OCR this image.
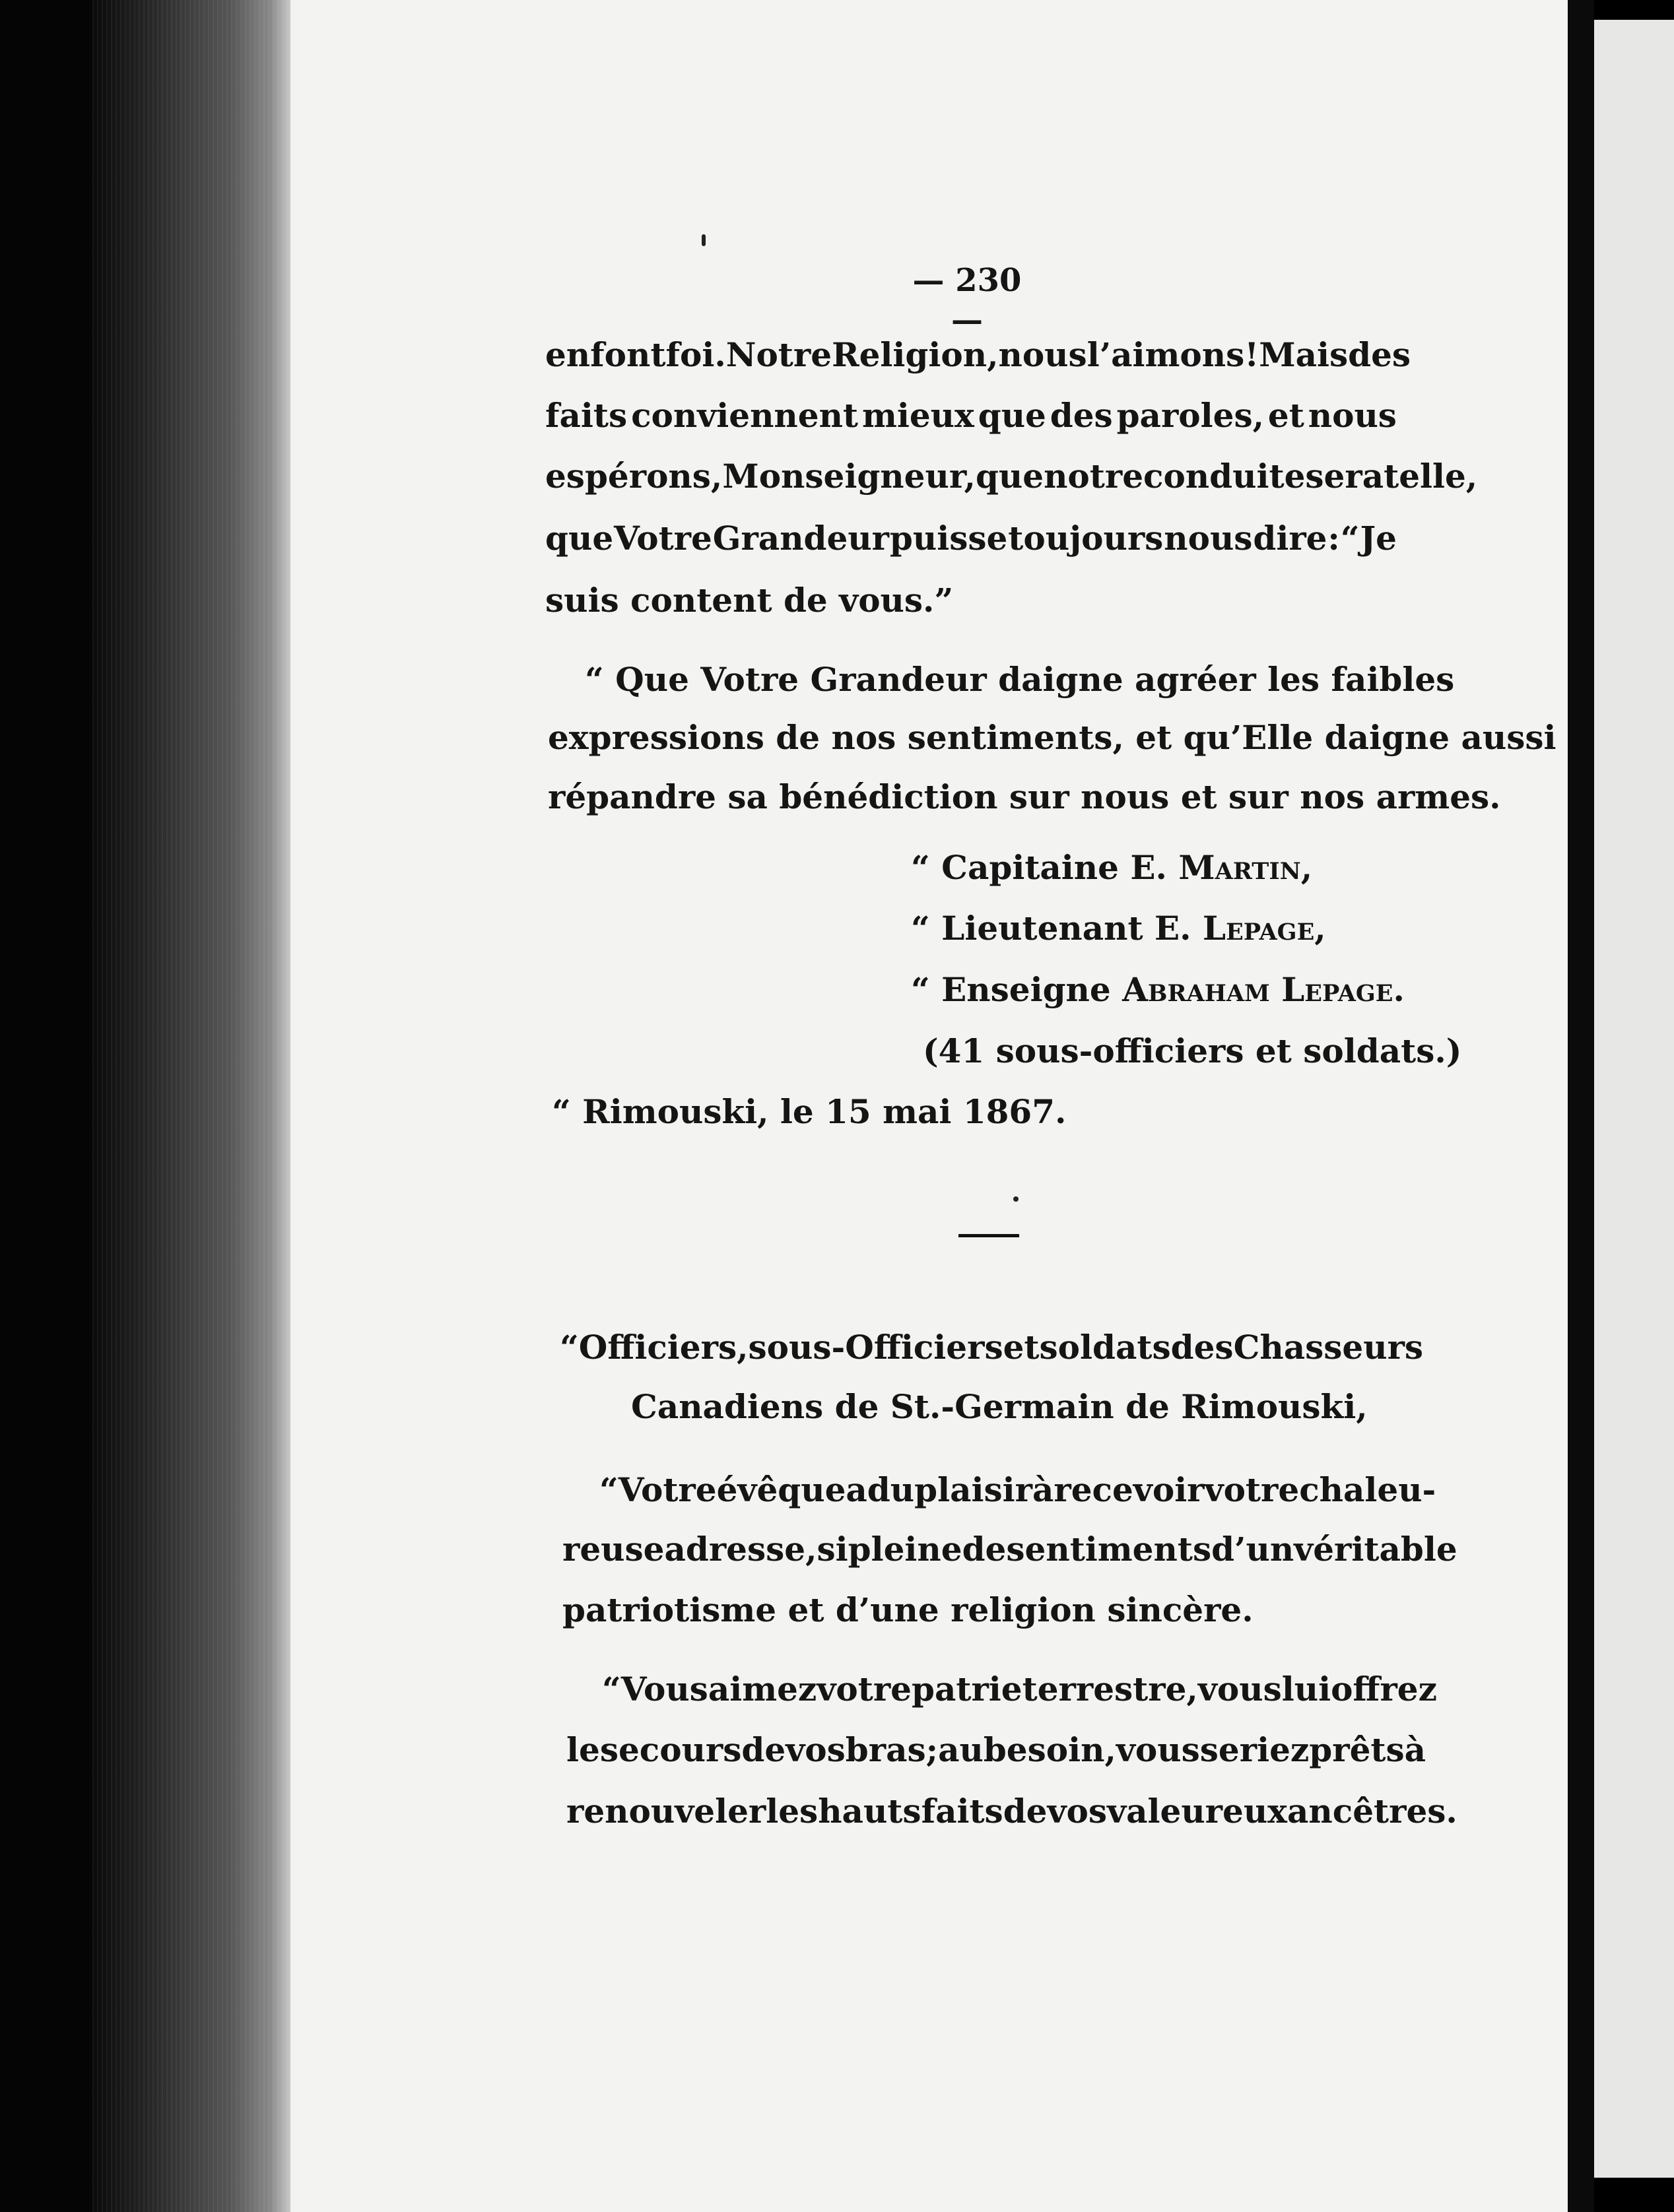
— 230 —
en font foi. Notre Religion, nous l’aimons ! Mais des
faits conviennent mieux que des paroles, et nous
espérons, Monseigneur, que notre conduite sera telle,
que Votre Grandeur puisse toujours nous dire : “ Je
suis content de vous.”
“ Que Votre Grandeur daigne agréer les faibles
expressions de nos sentiments, et qu’Elle daigne aussi
répandre sa bénédiction sur nous et sur nos armes.
“ Capitaine E. Martin,
“ Lieutenant E. Lepage,
“ Enseigne Abraham Lepage.
(41 sous-officiers et soldats.)
“ Rimouski, le 15 mai 1867.
“ Officiers, sous-Officiers et soldats des Chasseurs
Canadiens de St.-Germain de Rimouski,
“ Votre évêque a du plaisir à recevoir votre chaleu-
reuse adresse, si pleine de sentiments d’un véritable
patriotisme et d’une religion sincère.
“ Vous aimez votre patrie terrestre, vous lui offrez
le secours de vos bras ; au besoin, vous seriez prêts à
renouveler les hauts faits de vos valeureux ancêtres.
